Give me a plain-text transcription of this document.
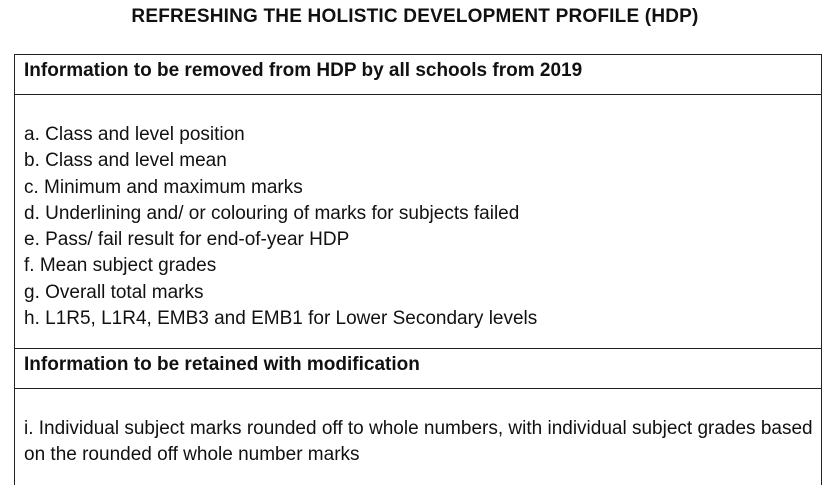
REFRESHING THE HOLISTIC DEVELOPMENT PROFILE (HDP)
Information to be removed from HDP by all schools from 2019
a. Class and level position
b. Class and level mean
c. Minimum and maximum marks
d. Underlining and/ or colouring of marks for subjects failed
e. Pass/ fail result for end-of-year HDP
f. Mean subject grades
g. Overall total marks
h. L1R5, L1R4, EMB3 and EMB1 for Lower Secondary levels
Information to be retained with modification

i. Individual subject marks rounded off to whole numbers, with individual subject grades based on the rounded off whole number marks
